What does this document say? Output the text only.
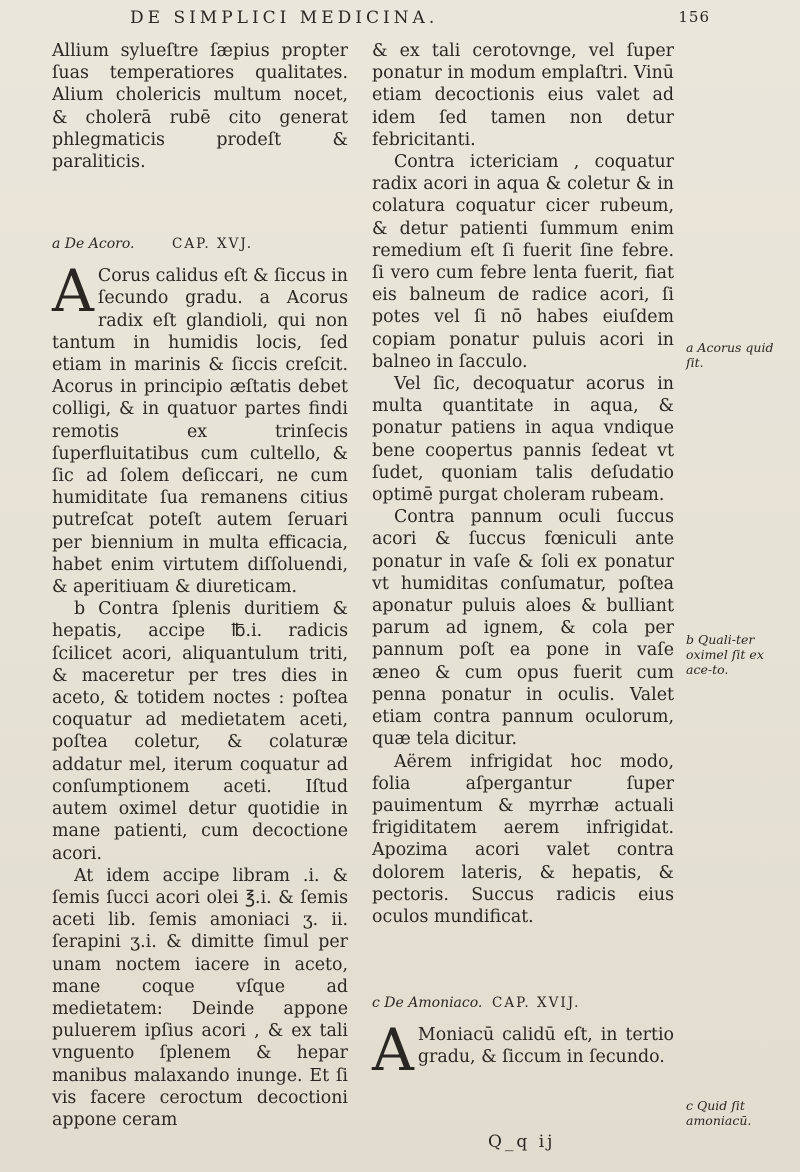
DE SIMPLICI MEDICINA.	156

Allium sylueſtre ſæpius propter ſuas temperatiores qualitates. Alium cholericis multum nocet, & cholerā rubē cito generat phlegmaticis prodeſt & paraliticis.

a De Acoro.	CAP. XVJ.

A Corus calidus eſt & ſiccus in ſecundo gradu. a Acorus radix eſt glandioli, qui non tantum in humidis locis, ſed etiam in marinis & ſiccis creſcit. Acorus in principio æſtatis debet colligi, & in quatuor partes findi remotis ex trinſecis ſuperfluitatibus cum cultello, & ſic ad ſolem deſiccari, ne cum humiditate ſua remanens citius putreſcat poteſt autem ſeruari per biennium in multa efficacia, habet enim virtutem diſſoluendi, & aperitiuam & diureticam.

b Contra ſplenis duritiem & hepatis, accipe ℔.i. radicis ſcilicet acori, aliquantulum triti, & maceretur per tres dies in aceto, & totidem noctes : poſtea coquatur ad medietatem aceti, poſtea coletur, & colaturæ addatur mel, iterum coquatur ad conſumptionem aceti. Iſtud autem oximel detur quotidie in mane patienti, cum decoctione acori.

At idem accipe libram .i. & ſemis ſucci acori olei ℥.i. & ſemis aceti lib. ſemis amoniaci ʒ. ii. ſerapini ʒ.i. & dimitte ſimul per unam noctem iacere in aceto, mane coque vſque ad medietatem: Deinde appone puluerem ipſius acori , & ex tali vnguento ſplenem & hepar manibus malaxando inunge. Et ſi vis facere ceroctum decoctioni appone ceram

& ex tali cerotovnge, vel ſuper ponatur in modum emplaſtri. Vinū etiam decoctionis eius valet ad idem ſed tamen non detur febricitanti.

Contra ictericiam , coquatur radix acori in aqua & coletur & in colatura coquatur cicer rubeum, & detur patienti ſummum enim remedium eſt ſi fuerit ſine febre. ſi vero cum febre lenta fuerit, fiat eis balneum de radice acori, ſi potes vel ſi nō habes eiuſdem copiam ponatur puluis acori in balneo in ſacculo.

Vel ſic, decoquatur acorus in multa quantitate in aqua, & ponatur patiens in aqua vndique bene coopertus pannis ſedeat vt ſudet, quoniam talis deſudatio optimē purgat choleram rubeam.

Contra pannum oculi ſuccus acori & ſuccus fœniculi ante ponatur in vaſe & ſoli ex ponatur vt humiditas conſumatur, poſtea aponatur puluis aloes & bulliant parum ad ignem, & cola per pannum poſt ea pone in vaſe æneo & cum opus fuerit cum penna ponatur in oculis. Valet etiam contra pannum oculorum, quæ tela dicitur.

Aërem infrigidat hoc modo, folia aſpergantur ſuper pauimentum & myrrhæ actuali frigiditatem aerem infrigidat. Apozima acori valet contra dolorem lateris, & hepatis, & pectoris. Succus radicis eius oculos mundificat.

c De Amoniaco. CAP. XVIJ.

A Moniacū calidū eſt, in tertio gradu, & ſiccum in ſecundo.

a Acorus quid ſit.
b Quali-ter oximel ſit ex ace-to.
c Quid ſit amoniacū.
Q_q ij
